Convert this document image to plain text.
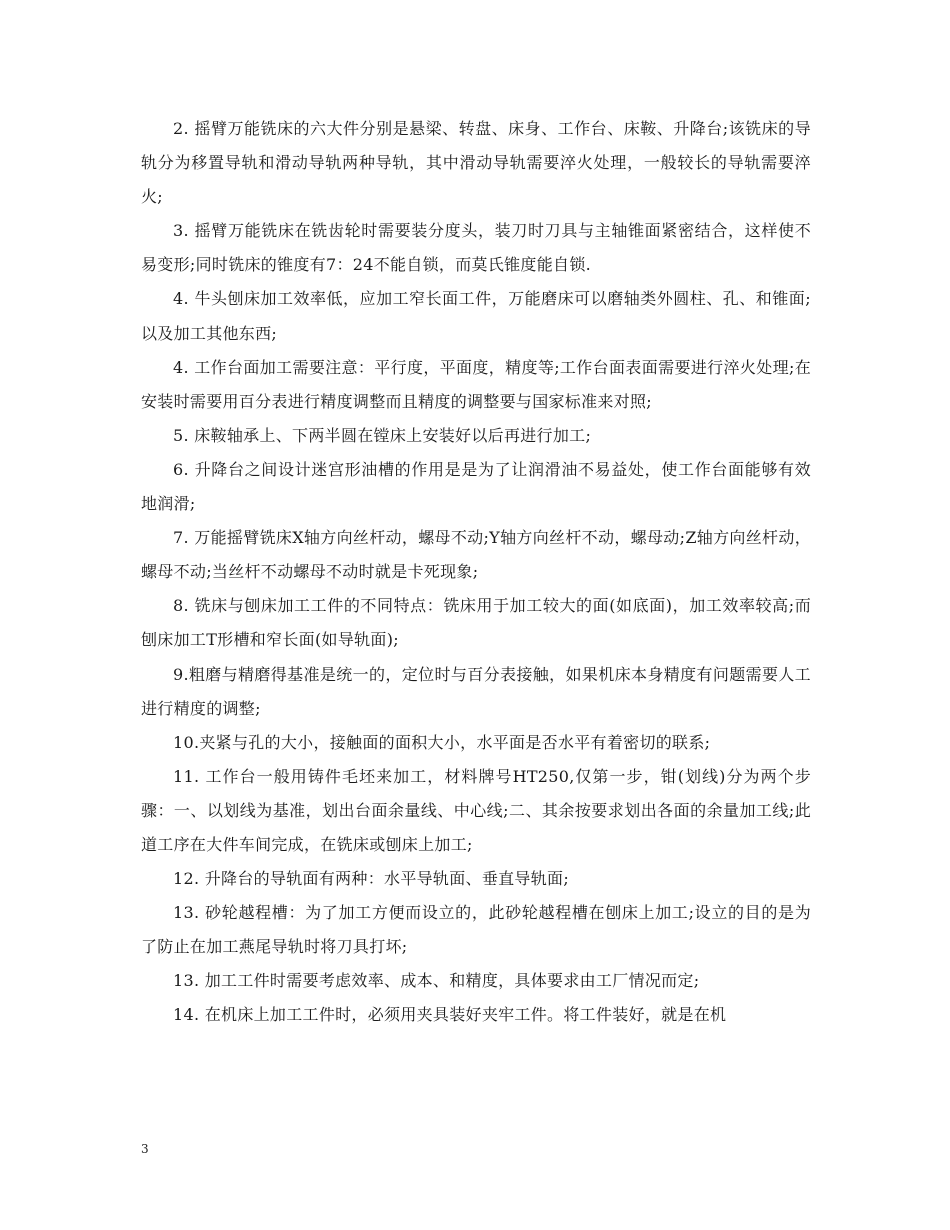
2. 摇臂万能铣床的六大件分别是悬梁、转盘、床身、工作台、床鞍、升降台;该铣床的导轨分为移置导轨和滑动导轨两种导轨，其中滑动导轨需要淬火处理，一般较长的导轨需要淬火;

3. 摇臂万能铣床在铣齿轮时需要装分度头，装刀时刀具与主轴锥面紧密结合，这样使不易变形;同时铣床的锥度有7：24不能自锁，而莫氏锥度能自锁.

4. 牛头刨床加工效率低，应加工窄长面工件，万能磨床可以磨轴类外圆柱、孔、和锥面;以及加工其他东西;

4. 工作台面加工需要注意：平行度，平面度，精度等;工作台面表面需要进行淬火处理;在安装时需要用百分表进行精度调整而且精度的调整要与国家标准来对照;

5. 床鞍轴承上、下两半圆在镗床上安装好以后再进行加工;

6. 升降台之间设计迷宫形油槽的作用是是为了让润滑油不易益处，使工作台面能够有效地润滑;

7. 万能摇臂铣床X轴方向丝杆动，螺母不动;Y轴方向丝杆不动，螺母动;Z轴方向丝杆动，螺母不动;当丝杆不动螺母不动时就是卡死现象;

8. 铣床与刨床加工工件的不同特点：铣床用于加工较大的面(如底面)，加工效率较高;而刨床加工T形槽和窄长面(如导轨面);

9.粗磨与精磨得基准是统一的，定位时与百分表接触，如果机床本身精度有问题需要人工进行精度的调整;

10.夹紧与孔的大小，接触面的面积大小，水平面是否水平有着密切的联系;

11. 工作台一般用铸件毛坯来加工，材料牌号HT250,仅第一步，钳(划线)分为两个步骤：一、以划线为基准，划出台面余量线、中心线;二、其余按要求划出各面的余量加工线;此道工序在大件车间完成，在铣床或刨床上加工;

12. 升降台的导轨面有两种：水平导轨面、垂直导轨面;

13. 砂轮越程槽：为了加工方便而设立的，此砂轮越程槽在刨床上加工;设立的目的是为了防止在加工燕尾导轨时将刀具打坏;

13. 加工工件时需要考虑效率、成本、和精度，具体要求由工厂情况而定;

14. 在机床上加工工件时，必须用夹具装好夹牢工件。将工件装好，就是在机

3
